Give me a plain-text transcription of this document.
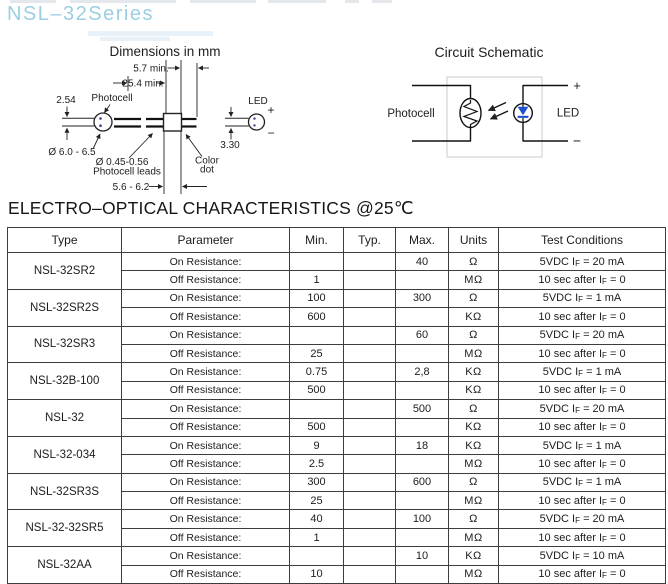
NSL–32Series
Dimensions in mm
5.7 min.
25.4 min.
5.6 - 6.2
2.54 Photocell
Ø 6.0 - 6.5
Ø 0.45-0.56
Photocell leads
Color
dot
LED
+
−
3.30
Circuit Schematic
Photocell	LED
+
−
ELECTRO–OPTICAL CHARACTERISTICS @25℃
Type	Parameter	Min.	Typ.	Max.	Units	Test Conditions
NSL-32SR2	On Resistance:			40	Ω	5VDC IF = 20 mA
	Off Resistance:	1			MΩ	10 sec after IF = 0
NSL-32SR2S	On Resistance:	100		300	Ω	5VDC IF = 1 mA
	Off Resistance:	600			KΩ	10 sec after IF = 0
NSL-32SR3	On Resistance:			60	Ω	5VDC IF = 20 mA
	Off Resistance:	25			MΩ	10 sec after IF = 0
NSL-32B-100	On Resistance:	0.75		2,8	KΩ	5VDC IF = 1 mA
	Off Resistance:	500			KΩ	10 sec after IF = 0
NSL-32	On Resistance:			500	Ω	5VDC IF = 20 mA
	Off Resistance:	500			KΩ	10 sec after IF = 0
NSL-32-034	On Resistance:	9		18	KΩ	5VDC IF = 1 mA
	Off Resistance:	2.5			MΩ	10 sec after IF = 0
NSL-32SR3S	On Resistance:	300		600	Ω	5VDC IF = 1 mA
	Off Resistance:	25			MΩ	10 sec after IF = 0
NSL-32-32SR5	On Resistance:	40		100	Ω	5VDC IF = 20 mA
	Off Resistance:	1			MΩ	10 sec after IF = 0
NSL-32AA	On Resistance:			10	KΩ	5VDC IF = 10 mA
	Off Resistance:	10			MΩ	10 sec after IF = 0
